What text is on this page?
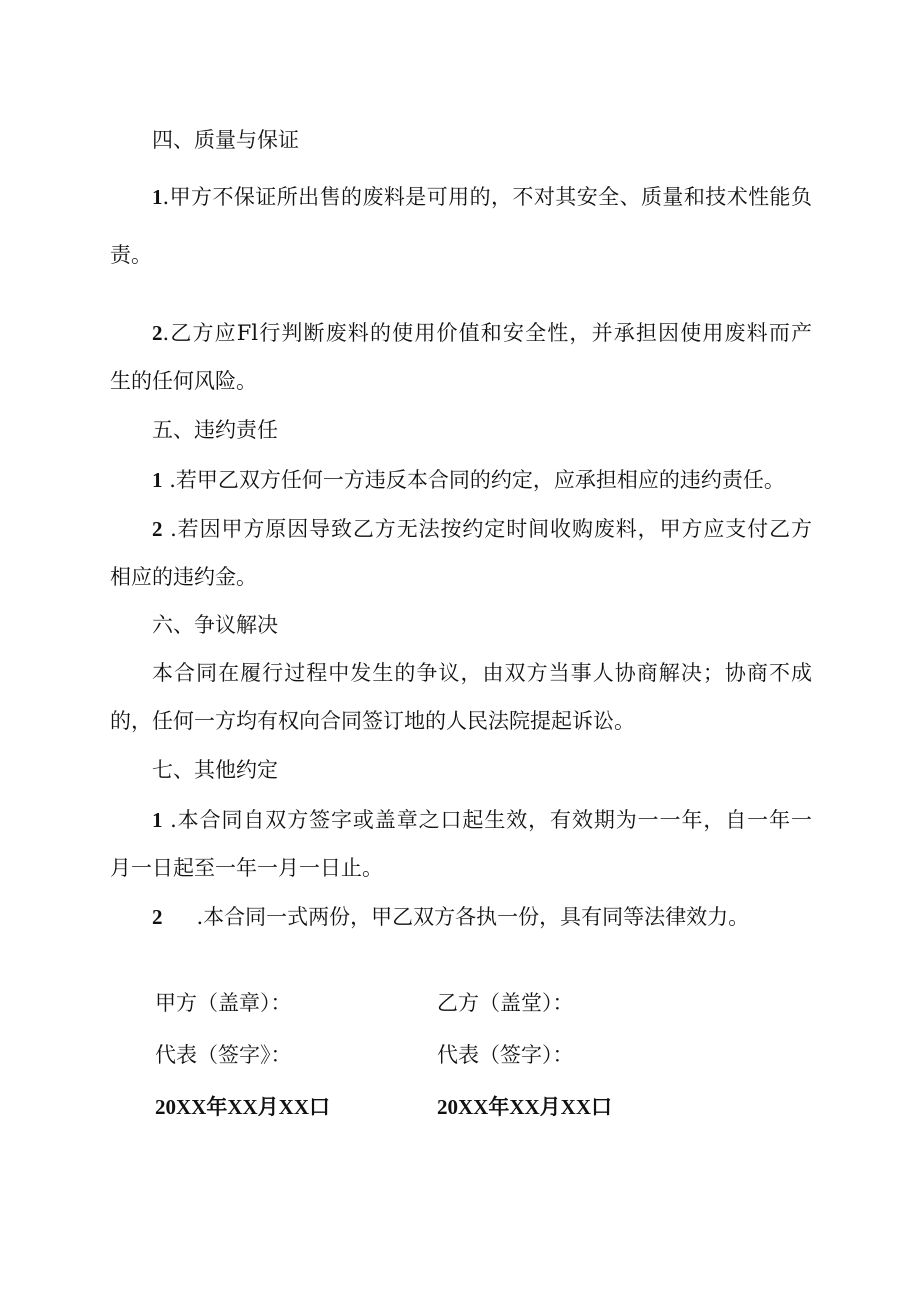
四、质量与保证
1.甲方不保证所出售的废料是可用的，不对其安全、质量和技术性能负
责。
2.乙方应Fl行判断废料的使用价值和安全性，并承担因使用废料而产
生的任何风险。
五、违约责任
1 .若甲乙双方任何一方违反本合同的约定，应承担相应的违约责任。
2 .若因甲方原因导致乙方无法按约定时间收购废料，甲方应支付乙方
相应的违约金。
六、争议解决
本合同在履行过程中发生的争议，由双方当事人协商解决；协商不成
的，任何一方均有权向合同签订地的人民法院提起诉讼。
七、其他约定
1 .本合同自双方签字或盖章之口起生效，有效期为一一年，自一年一
月一日起至一年一月一日止。
2 .本合同一式两份，甲乙双方各执一份，具有同等法律效力。
甲方（盖章）：	乙方（盖堂）：
代表（签字》：	代表（签字）：
20XX年XX月XX口	20XX年XX月XX口
